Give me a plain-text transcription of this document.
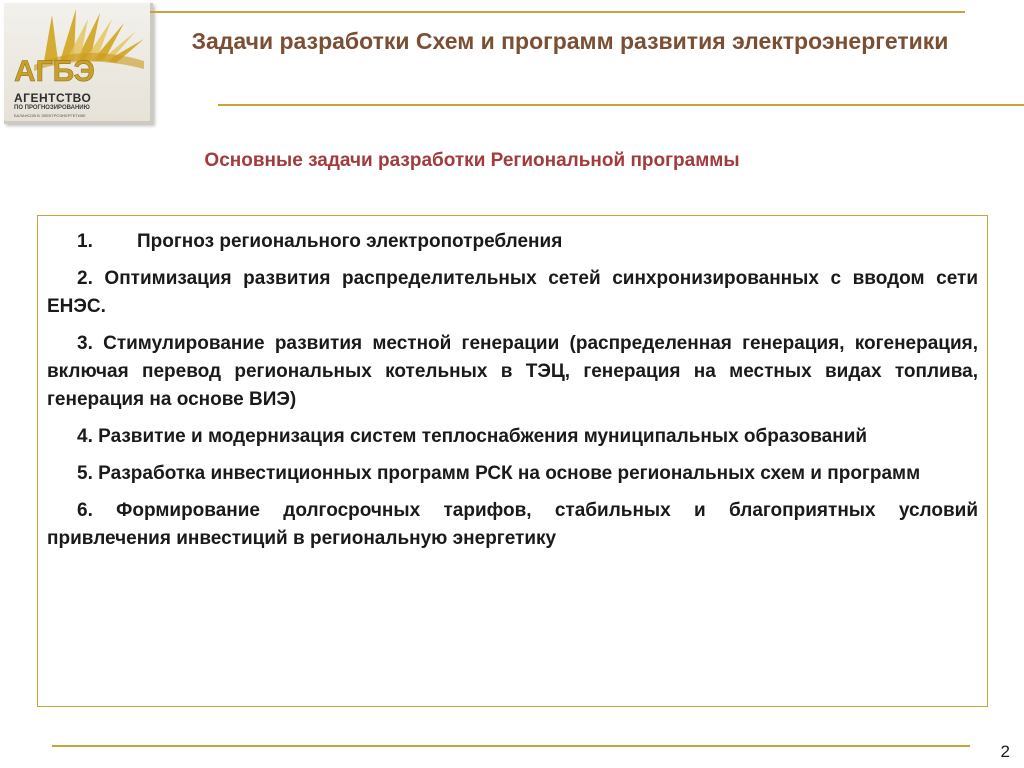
АГБЭ
АГЕНТСТВО
ПО ПРОГНОЗИРОВАНИЮ
БАЛАНСОВ В ЭЛЕКТРОЭНЕРГЕТИКЕ
Задачи разработки Схем и программ развития электроэнергетики
Основные задачи разработки Региональной программы

1. Прогноз регионального электропотребления

2. Оптимизация развития распределительных сетей синхронизированных с вводом сети ЕНЭС.

3. Стимулирование развития местной генерации (распределенная генерация, когенерация, включая перевод региональных котельных в ТЭЦ, генерация на местных видах топлива, генерация на основе ВИЭ)

4. Развитие и модернизация систем теплоснабжения муниципальных образований

5. Разработка инвестиционных программ РСК на основе региональных схем и программ

6. Формирование долгосрочных тарифов, стабильных и благоприятных условий привлечения инвестиций в региональную энергетику

2
